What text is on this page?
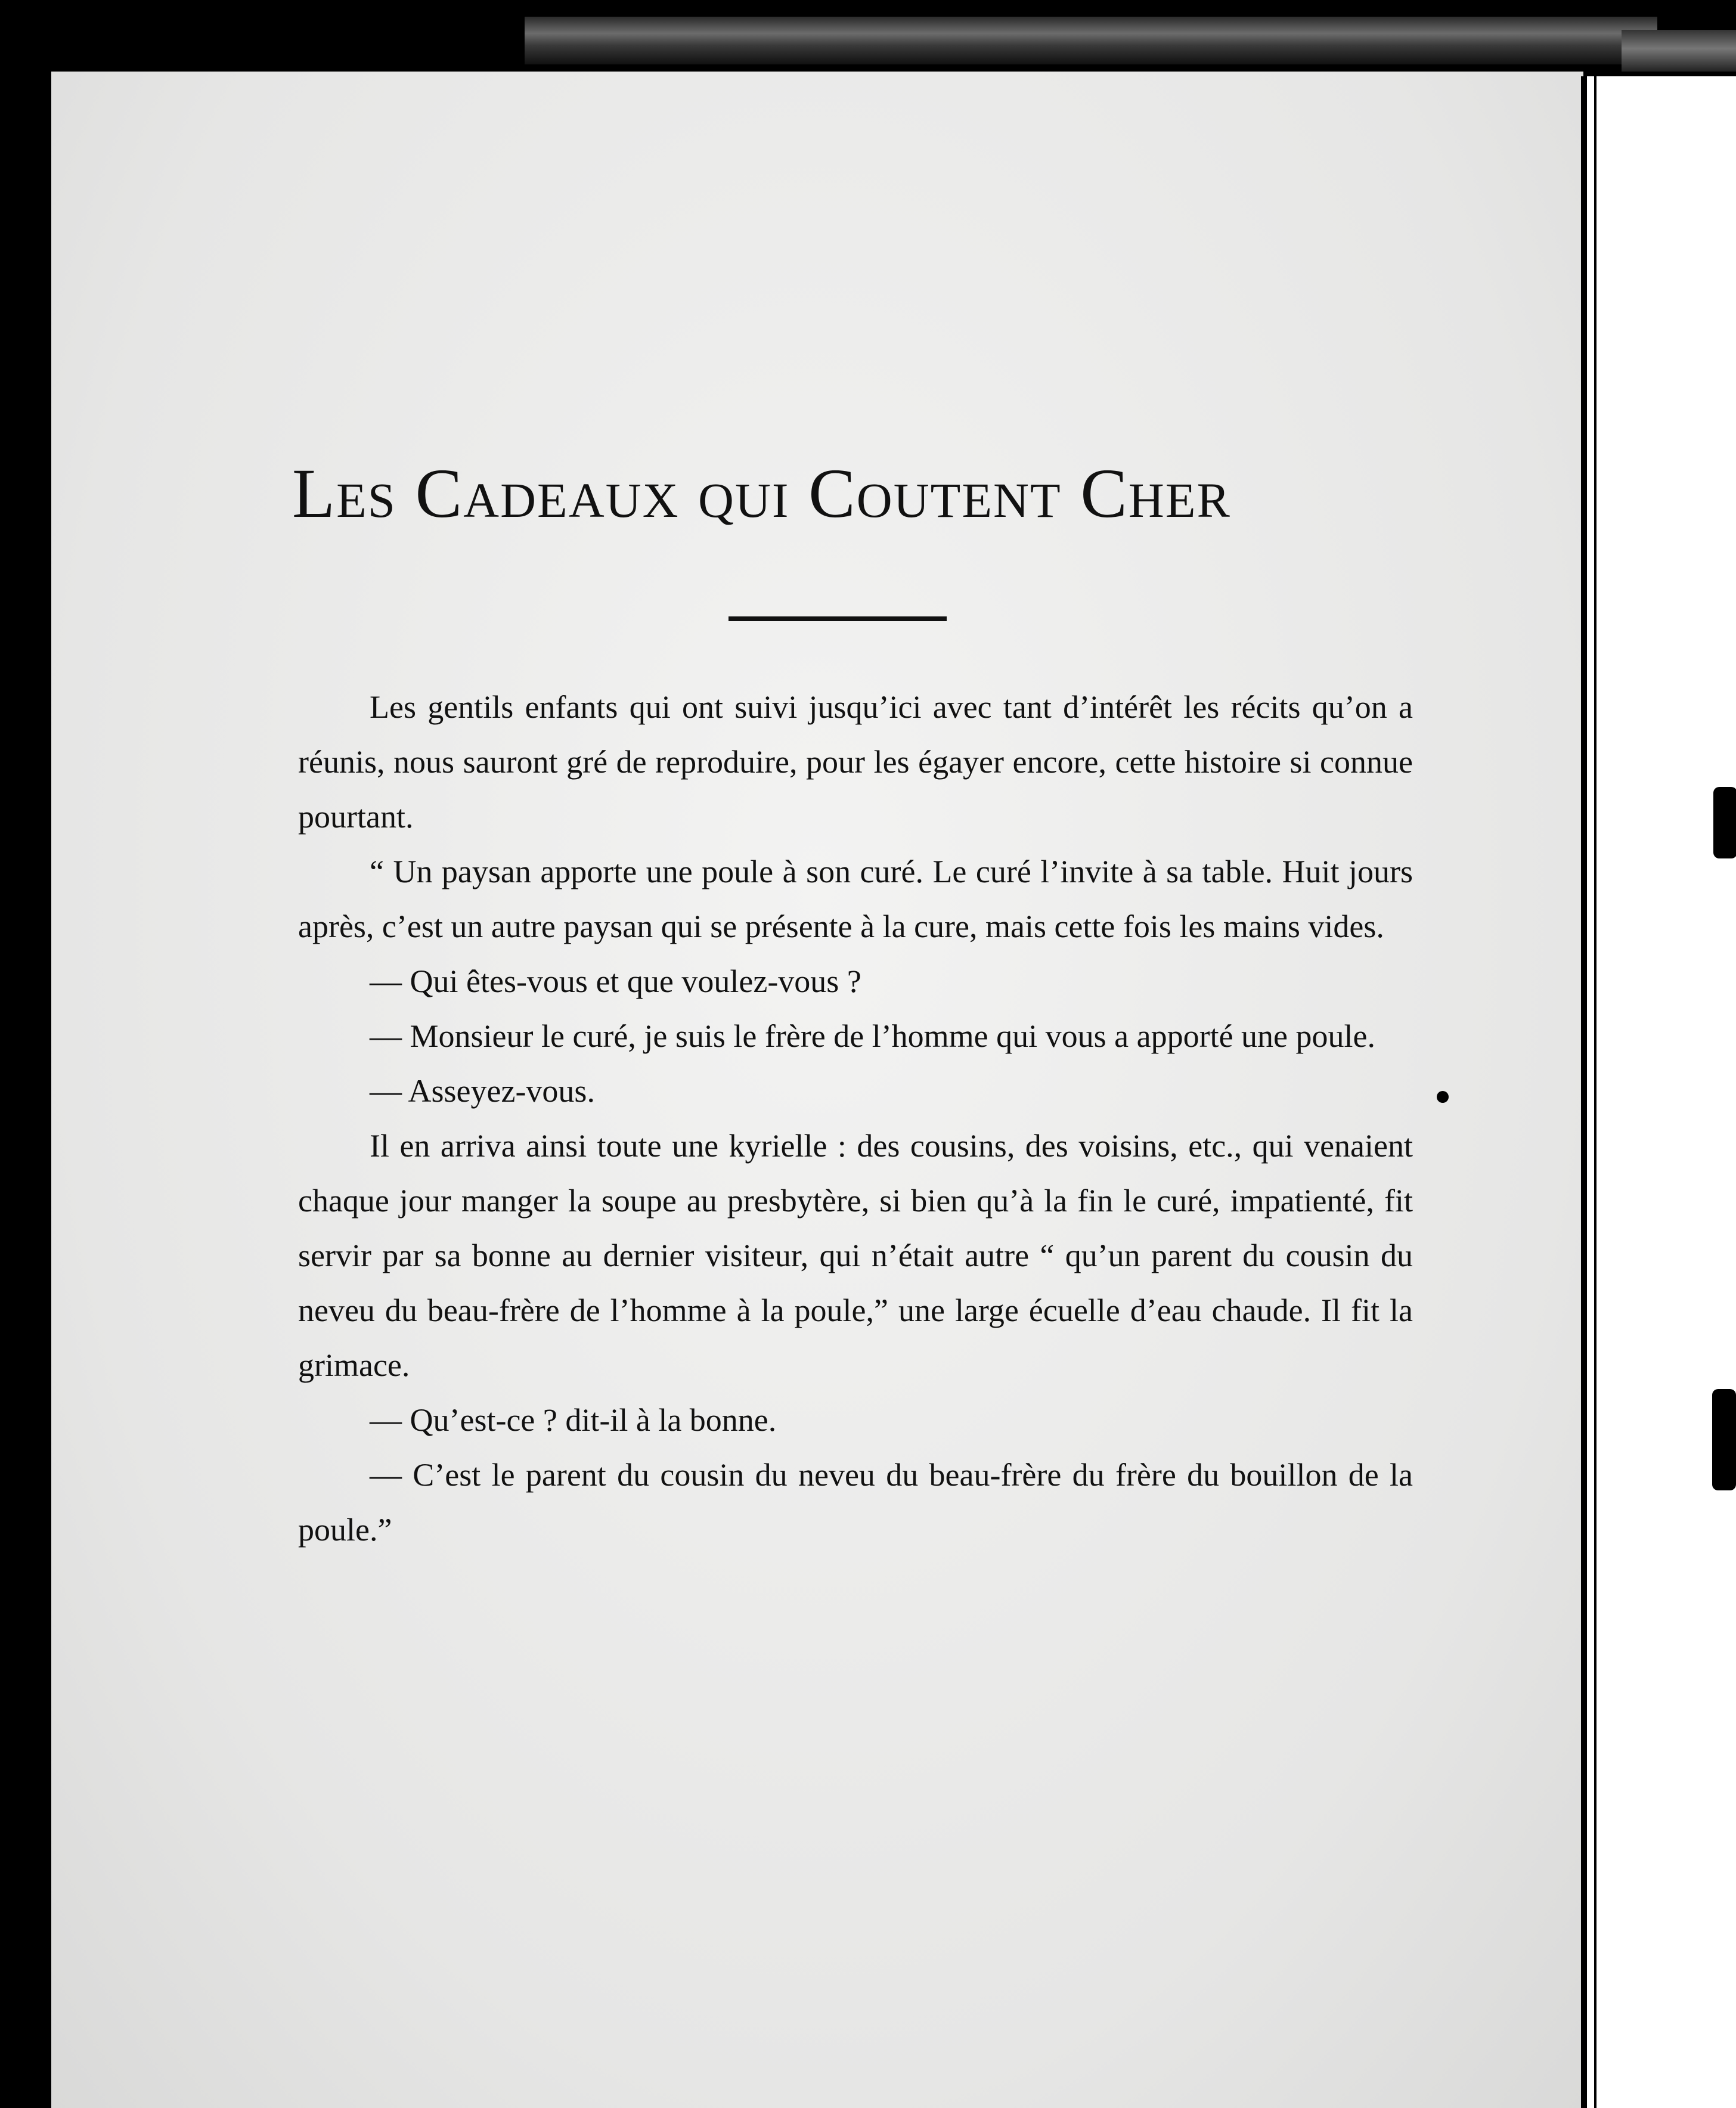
Les Cadeaux qui Coutent Cher

Les gentils enfants qui ont suivi jusqu’ici avec tant d’intérêt les récits qu’on a réunis, nous sauront gré de reproduire, pour les égayer encore, cette histoire si connue pourtant.

“ Un paysan apporte une poule à son curé. Le curé l’invite à sa table. Huit jours après, c’est un autre paysan qui se présente à la cure, mais cette fois les mains vides.

— Qui êtes-vous et que voulez-vous ?

— Monsieur le curé, je suis le frère de l’homme qui vous a apporté une poule.

— Asseyez-vous.

Il en arriva ainsi toute une kyrielle : des cousins, des voisins, etc., qui venaient chaque jour manger la soupe au presbytère, si bien qu’à la fin le curé, impatienté, fit servir par sa bonne au dernier visiteur, qui n’était autre “ qu’un parent du cousin du neveu du beau-frère de l’homme à la poule,” une large écuelle d’eau chaude. Il fit la grimace.

— Qu’est-ce ? dit-il à la bonne.

— C’est le parent du cousin du neveu du beau-frère du frère du bouillon de la poule.”
